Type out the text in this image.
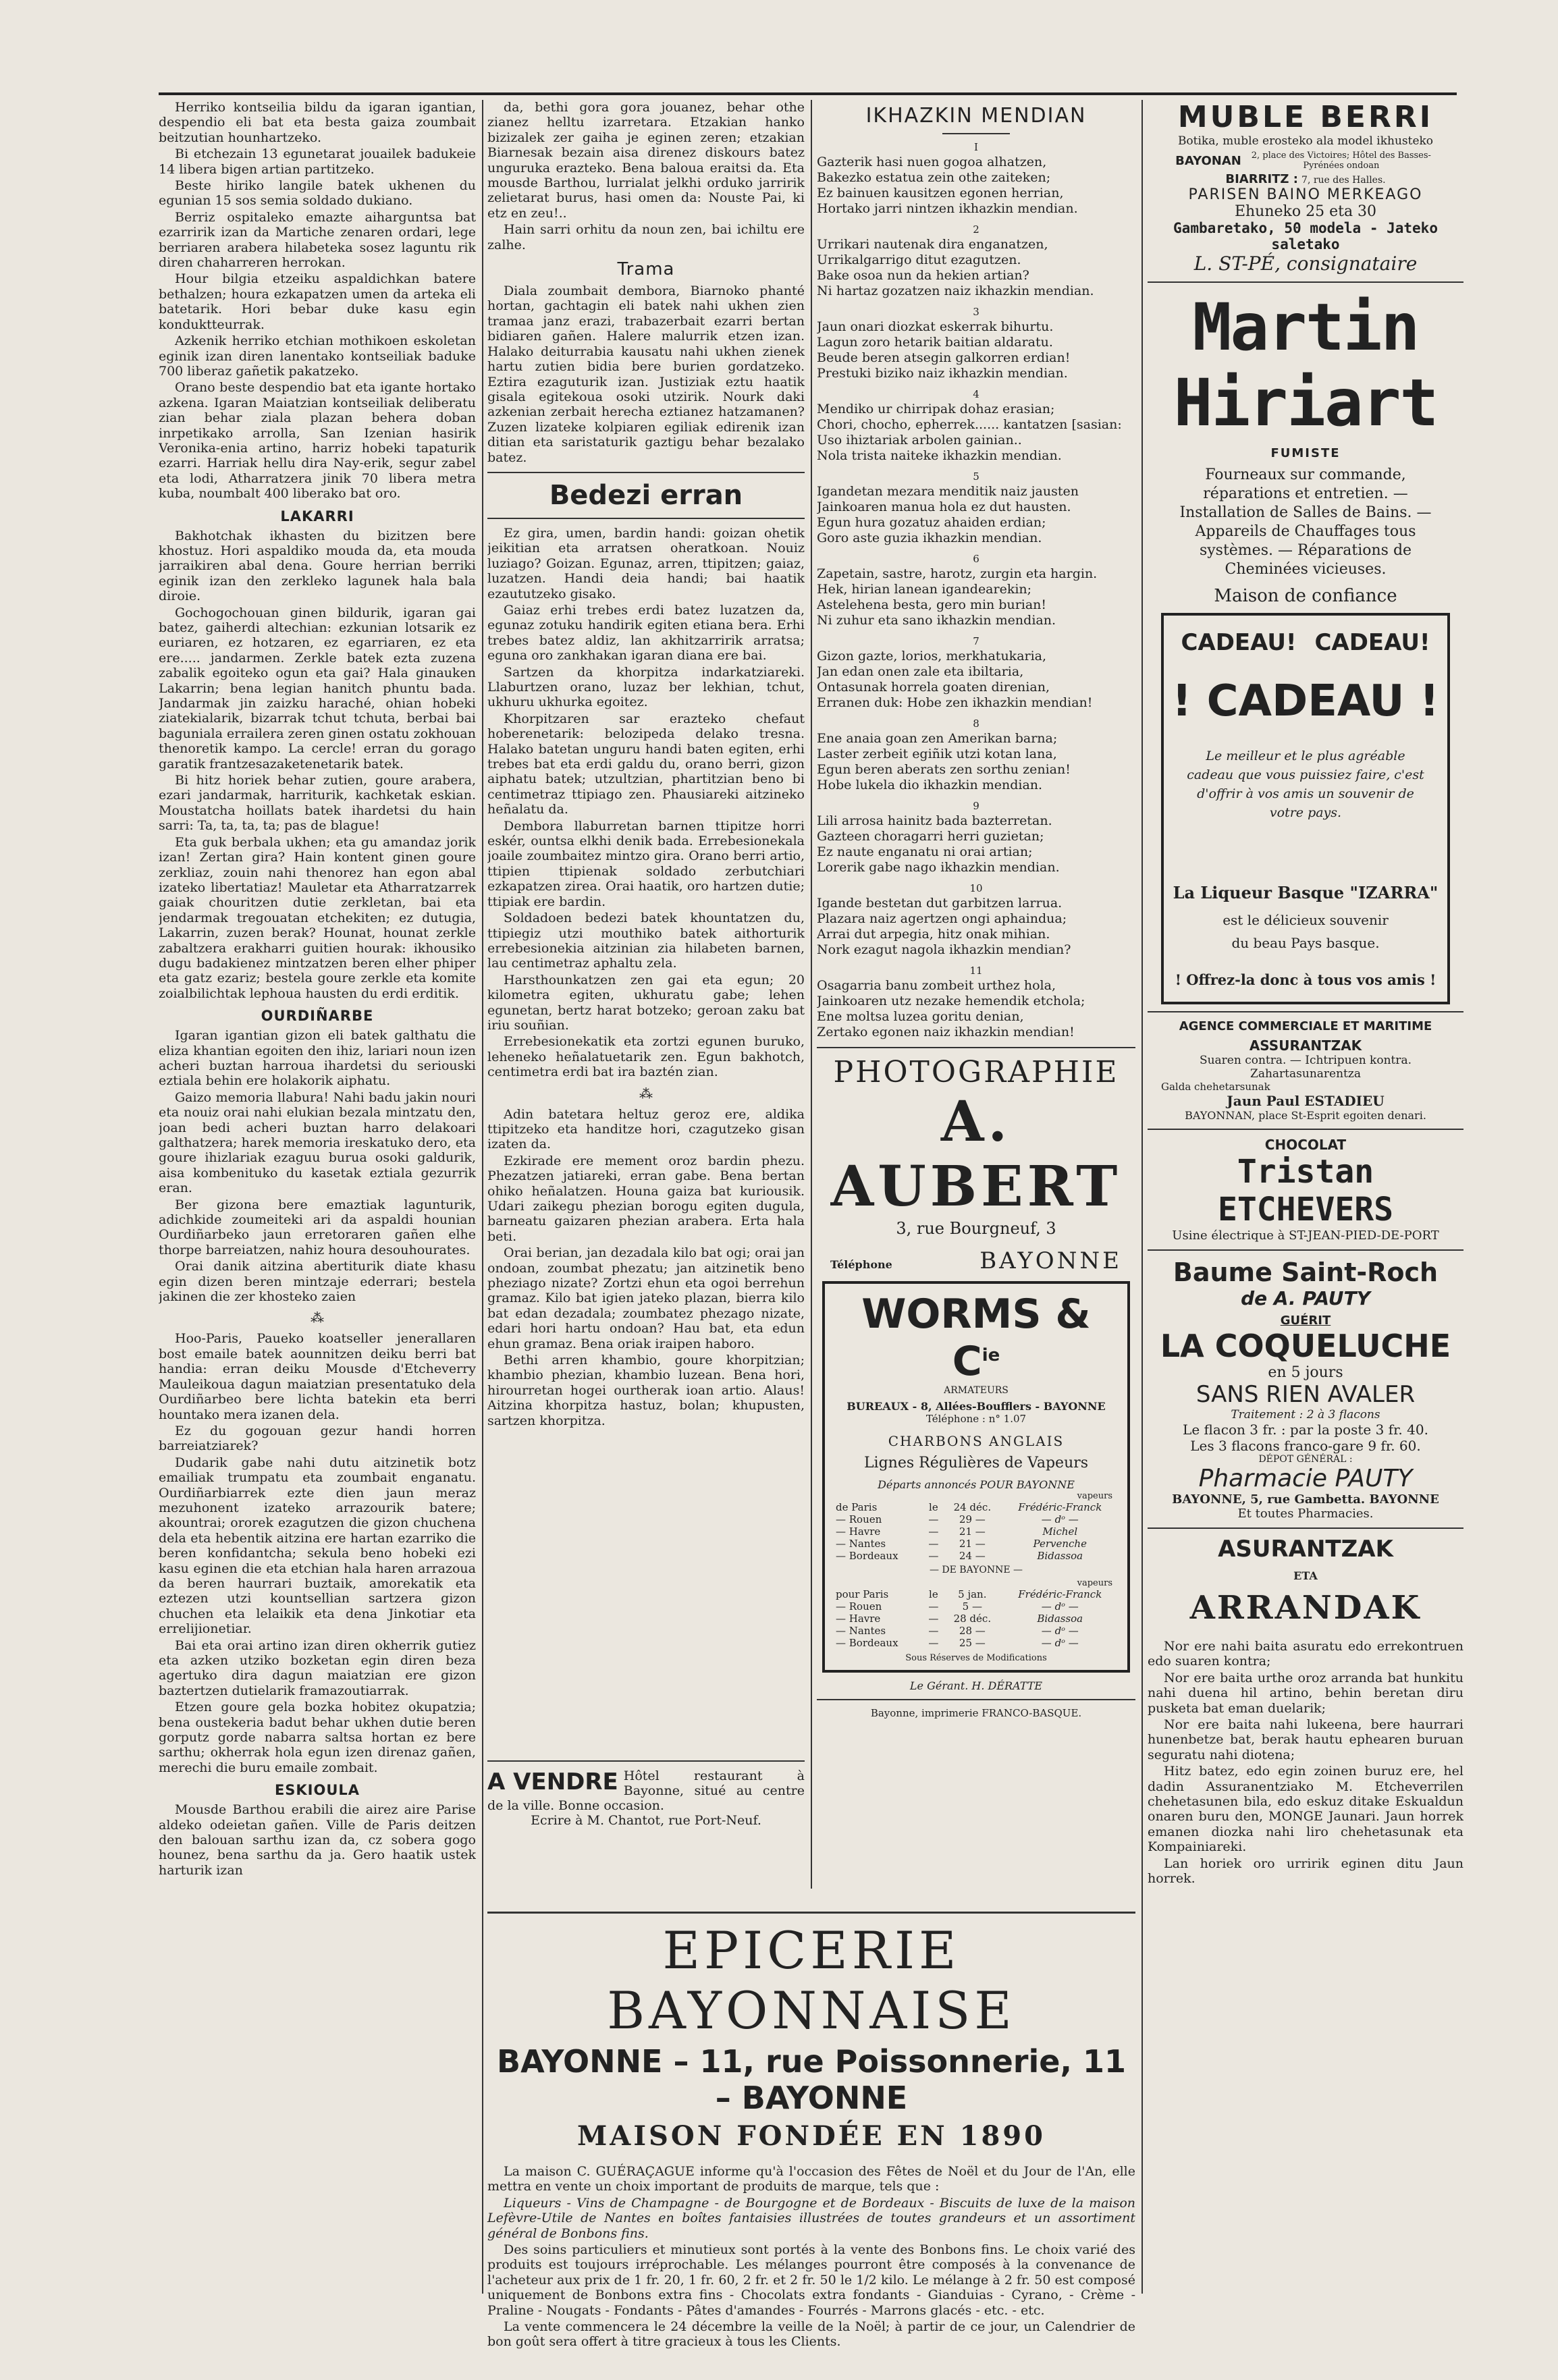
Herriko kontseilia bildu da igaran igantian, despendio eli bat eta besta gaiza zoumbait beitzutian hounhartzeko.

Bi etchezain 13 egunetarat jouailek badukeie 14 libera bigen artian partitzeko.

Beste hiriko langile batek ukhenen du egunian 15 sos semia soldado dukiano.

Berriz ospitaleko emazte aiharguntsa bat ezarririk izan da Martiche zenaren ordari, lege berriaren arabera hilabeteka sosez laguntu rik diren chaharreren herrokan.

Hour bilgia etzeiku aspaldichkan batere bethalzen; houra ezkapatzen umen da arteka eli batetarik. Hori bebar duke kasu egin konduktteurrak.

Azkenik herriko etchian mothikoen eskoletan eginik izan diren lanentako kontseiliak baduke 700 liberaz gañetik pakatzeko.

Orano beste despendio bat eta igante hortako azkena. Igaran Maiatzian kontseiliak deliberatu zian behar ziala plazan behera doban inrpetikako arrolla, San Izenian hasirik Veronika-enia artino, harriz hobeki tapaturik ezarri. Harriak hellu dira Nay-erik, segur zabel eta lodi, Atharratzera jinik 70 libera metra kuba, noumbalt 400 liberako bat oro.

LAKARRI

Bakhotchak ikhasten du bizitzen bere khostuz. Hori aspaldiko mouda da, eta mouda jarraikiren abal dena. Goure herrian berriki eginik izan den zerkleko lagunek hala bala diroie.

Gochogochouan ginen bildurik, igaran gai batez, gaiherdi altechian: ezkunian lotsarik ez euriaren, ez hotzaren, ez egarriaren, ez eta ere..... jandarmen. Zerkle batek ezta zuzena zabalik egoiteko ogun eta gai? Hala ginauken Lakarrin; bena legian hanitch phuntu bada. Jandarmak jin zaizku haraché, ohian hobeki ziatekialarik, bizarrak tchut tchuta, berbai bai baguniala errailera zeren ginen ostatu zokhouan thenoretik kampo. La cercle! erran du gorago garatik frantzesazaketenetarik batek.

Bi hitz horiek behar zutien, goure arabera, ezari jandarmak, harriturik, kachketak eskian. Moustatcha hoillats batek ihardetsi du hain sarri: Ta, ta, ta, ta; pas de blague!

Eta guk berbala ukhen; eta gu amandaz jorik izan! Zertan gira? Hain kontent ginen goure zerkliaz, zouin nahi thenorez han egon abal izateko libertatiaz! Mauletar eta Atharratzarrek gaiak chouritzen dutie zerkletan, bai eta jendarmak tregouatan etchekiten; ez dutugia, Lakarrin, zuzen berak? Hounat, hounat zerkle zabaltzera erakharri guitien hourak: ikhousiko dugu badakienez mintzatzen beren elher phiper eta gatz ezariz; bestela goure zerkle eta komite zoialbilichtak lephoua hausten du erdi erditik.

OURDIÑARBE

Igaran igantian gizon eli batek galthatu die eliza khantian egoiten den ihiz, lariari noun izen acheri buztan harroua ihardetsi du seriouski eztiala behin ere holakorik aiphatu.

Gaizo memoria llabura! Nahi badu jakin nouri eta nouiz orai nahi elukian bezala mintzatu den, joan bedi acheri buztan harro delakoari galthatzera; harek memoria ireskatuko dero, eta goure ihizlariak ezaguu burua osoki galdurik, aisa kombenituko du kasetak eztiala gezurrik eran.

Ber gizona bere emaztiak lagunturik, adichkide zoumeiteki ari da aspaldi hounian Ourdiñarbeko jaun erretoraren gañen elhe thorpe barreiatzen, nahiz houra desouhourates.

Orai danik aitzina abertiturik diate khasu egin dizen beren mintzaje ederrari; bestela jakinen die zer khosteko zaien

⁂

Hoo-Paris, Paueko koatseller jenerallaren bost emaile batek aounnitzen deiku berri bat handia: erran deiku Mousde d'Etcheverry Mauleikoua dagun maiatzian presentatuko dela Ourdiñarbeo bere lichta batekin eta berri hountako mera izanen dela.

Ez du gogouan gezur handi horren barreiatziarek?

Dudarik gabe nahi dutu aitzinetik botz emailiak trumpatu eta zoumbait enganatu. Ourdiñarbiarrek ezte dien jaun meraz mezuhonent izateko arrazourik batere; akountrai; ororek ezagutzen die gizon chuchena dela eta hebentik aitzina ere hartan ezarriko die beren konfidantcha; sekula beno hobeki ezi kasu eginen die eta etchian hala haren arrazoua da beren haurrari buztaik, amorekatik eta eztezen utzi kountsellian sartzera gizon chuchen eta lelaikik eta dena Jinkotiar eta errelijionetiar.

Bai eta orai artino izan diren okherrik gutiez eta azken utziko bozketan egin diren beza agertuko dira dagun maiatzian ere gizon baztertzen dutielarik framazoutiarrak.

Etzen goure gela bozka hobitez okupatzia; bena oustekeria badut behar ukhen dutie beren gorputz gorde nabarra saltsa hortan ez bere sarthu; okherrak hola egun izen direnaz gañen, merechi die buru emaile zombait.

ESKIOULA

Mousde Barthou erabili die airez aire Parise aldeko odeietan gañen. Ville de Paris deitzen den balouan sarthu izan da, cz sobera gogo hounez, bena sarthu da ja. Gero haatik ustek harturik izan

da, bethi gora gora jouanez, behar othe zianez helltu izarretara. Etzakian hanko bizizalek zer gaiha je eginen zeren; etzakian Biarnesak bezain aisa direnez diskours batez unguruka erazteko. Bena baloua eraitsi da. Eta mousde Barthou, lurrialat jelkhi orduko jarririk zelietarat burus, hasi omen da: Nouste Pai, ki etz en zeu!..

Hain sarri orhitu da noun zen, bai ichiltu ere zalhe.

Trama

Diala zoumbait dembora, Biarnoko phanté hortan, gachtagin eli batek nahi ukhen zien tramaa janz erazi, trabazerbait ezarri bertan bidiaren gañen. Halere malurrik etzen izan. Halako deiturrabia kausatu nahi ukhen zienek hartu zutien bidia bere burien gordatzeko. Eztira ezaguturik izan. Justiziak eztu haatik gisala egitekoua osoki utzirik. Nourk daki azkenian zerbait herecha eztianez hatzamanen? Zuzen lizateke kolpiaren egiliak edirenik izan ditian eta saristaturik gaztigu behar bezalako batez.

Bedezi erran

Ez gira, umen, bardin handi: goizan ohetik jeikitian eta arratsen oheratkoan. Nouiz luziago? Goizan. Egunaz, arren, ttipitzen; gaiaz, luzatzen. Handi deia handi; bai haatik ezaututzeko gisako.

Gaiaz erhi trebes erdi batez luzatzen da, egunaz zotuku handirik egiten etiana bera. Erhi trebes batez aldiz, lan akhitzarririk arratsa; eguna oro zankhakan igaran diana ere bai.

Sartzen da khorpitza indarkatziareki. Llaburtzen orano, luzaz ber lekhian, tchut, ukhuru ukhurka egoitez.

Khorpitzaren sar erazteko chefaut hoberenetarik: belozipeda delako tresna. Halako batetan unguru handi baten egiten, erhi trebes bat eta erdi galdu du, orano berri, gizon aiphatu batek; utzultzian, phartitzian beno bi centimetraz ttipiago zen. Phausiareki aitzineko heñalatu da.

Dembora llaburretan barnen ttipitze horri eskér, ountsa elkhi denik bada. Errebesionekala joaile zoumbaitez mintzo gira. Orano berri artio, ttipien ttipienak soldado zerbutchiari ezkapatzen zirea. Orai haatik, oro hartzen dutie; ttipiak ere bardin.

Soldadoen bedezi batek khountatzen du, ttipiegiz utzi mouthiko batek aithorturik errebesionekia aitzinian zia hilabeten barnen, lau centimetraz aphaltu zela.

Harsthounkatzen zen gai eta egun; 20 kilometra egiten, ukhuratu gabe; lehen egunetan, bertz harat botzeko; geroan zaku bat iriu souñian.

Errebesionekatik eta zortzi egunen buruko, leheneko heñalatuetarik zen. Egun bakhotch, centimetra erdi bat ira baztén zian.

⁂

Adin batetara heltuz geroz ere, aldika ttipitzeko eta handitze hori, czagutzeko gisan izaten da.

Ezkirade ere mement oroz bardin phezu. Phezatzen jatiareki, erran gabe. Bena bertan ohiko heñalatzen. Houna gaiza bat kuriousik. Udari zaikegu phezian borogu egiten dugula, barneatu gaizaren phezian arabera. Erta hala beti.

Orai berian, jan dezadala kilo bat ogi; orai jan ondoan, zoumbat phezatu; jan aitzinetik beno pheziago nizate? Zortzi ehun eta ogoi berrehun gramaz. Kilo bat igien jateko plazan, bierra kilo bat edan dezadala; zoumbatez phezago nizate, edari hori hartu ondoan? Hau bat, eta edun ehun gramaz. Bena oriak iraipen haboro.

Bethi arren khambio, goure khorpitzian; khambio phezian, khambio luzean. Bena hori, hirourretan hogei ourtherak ioan artio. Alaus! Aitzina khorpitza hastuz, bolan; khupusten, sartzen khorpitza.

A VENDRE Hôtel restaurant à Bayonne, situé au centre de la ville. Bonne occasion.
Ecrire à M. Chantot, rue Port-Neuf.
IKHAZKIN MENDIAN
I
Gazterik hasi nuen gogoa alhatzen,
Bakezko estatua zein othe zaiteken;
Ez bainuen kausitzen egonen herrian,
Hortako jarri nintzen ikhazkin mendian.
2
Urrikari nautenak dira enganatzen,
Urrikalgarrigo ditut ezagutzen.
Bake osoa nun da hekien artian?
Ni hartaz gozatzen naiz ikhazkin mendian.
3
Jaun onari diozkat eskerrak bihurtu.
Lagun zoro hetarik baitian aldaratu.
Beude beren atsegin galkorren erdian!
Prestuki biziko naiz ikhazkin mendian.
4
Mendiko ur chirripak dohaz erasian;
Chori, chocho, epherrek...... kantatzen [sasian:
Uso ihiztariak arbolen gainian..
Nola trista naiteke ikhazkin mendian.
5
Igandetan mezara menditik naiz jausten
Jainkoaren manua hola ez dut hausten.
Egun hura gozatuz ahaiden erdian;
Goro aste guzia ikhazkin mendian.
6
Zapetain, sastre, harotz, zurgin eta hargin.
Hek, hirian lanean igandearekin;
Astelehena besta, gero min burian!
Ni zuhur eta sano ikhazkin mendian.
7
Gizon gazte, lorios, merkhatukaria,
Jan edan onen zale eta ibiltaria,
Ontasunak horrela goaten direnian,
Erranen duk: Hobe zen ikhazkin mendian!
8
Ene anaia goan zen Amerikan barna;
Laster zerbeit egiñik utzi kotan lana,
Egun beren aberats zen sorthu zenian!
Hobe lukela dio ikhazkin mendian.
9
Lili arrosa hainitz bada bazterretan.
Gazteen choragarri herri guzietan;
Ez naute enganatu ni orai artian;
Lorerik gabe nago ikhazkin mendian.
10
Igande bestetan dut garbitzen larrua.
Plazara naiz agertzen ongi aphaindua;
Arrai dut arpegia, hitz onak mihian.
Nork ezagut nagola ikhazkin mendian?
11
Osagarria banu zombeit urthez hola,
Jainkoaren utz nezake hemendik etchola;
Ene moltsa luzea goritu denian,
Zertako egonen naiz ikhazkin mendian!
PHOTOGRAPHIE
A. AUBERT
3, rue Bourgneuf, 3
Téléphone	BAYONNE
WORMS & $C^{ie}$
ARMATEURS
BUREAUX - 8, Allées-Boufflers - BAYONNE
Téléphone : n° 1.07
CHARBONS ANGLAIS
Lignes Régulières de Vapeurs
Départs annoncés POUR BAYONNE
vapeurs
de Paris	le	24 déc.	Frédéric-Franck
— Rouen	—	29 —	— dᵒ —
— Havre	—	21 —	Michel
— Nantes	—	21 —	Pervenche
— Bordeaux	—	24 —	Bidassoa
— DE BAYONNE —
vapeurs
pour Paris	le	5 jan.	Frédéric-Franck
— Rouen	—	5 —	— dᵒ —
— Havre	—	28 déc.	Bidassoa
— Nantes	—	28 —	— dᵒ —
— Bordeaux	—	25 —	— dᵒ —
Sous Réserves de Modifications
Le Gérant. H. DÉRATTE
Bayonne, imprimerie FRANCO-BASQUE.
MUBLE BERRI
Botika, muble erosteko ala model ikhusteko
BAYONAN	2, place des Victoires; Hôtel des Basses-Pyrénées ondoan
BIARRITZ : 7, rue des Halles.
PARISEN BAINO MERKEAGO
Ehuneko 25 eta 30
Gambaretako, 50 modela - Jateko saletako
L. ST-PÉ, consignataire
Martin Hiriart
FUMISTE
Fourneaux sur commande, réparations et entretien. — Installation de Salles de Bains. — Appareils de Chauffages tous systèmes. — Réparations de Cheminées vicieuses.
Maison de confiance
CADEAU! CADEAU!
! CADEAU !
Le meilleur et le plus agréable cadeau que vous puissiez faire, c'est d'offrir à vos amis un souvenir de votre pays.
La Liqueur Basque "IZARRA"
est le délicieux souvenir
du beau Pays basque.
! Offrez-la donc à tous vos amis !
AGENCE COMMERCIALE ET MARITIME
ASSURANTZAK
Suaren contra. — Ichtripuen kontra.
Zahartasunarentza
Galda chehetarsunak
Jaun Paul ESTADIEU
BAYONNAN, place St-Esprit egoiten denari.
CHOCOLAT
Tristan ETCHEVERS
Usine électrique à ST-JEAN-PIED-DE-PORT
Baume Saint-Roch
de A. PAUTY
GUÉRIT
LA COQUELUCHE
en 5 jours
SANS RIEN AVALER
Traitement : 2 à 3 flacons
Le flacon 3 fr. : par la poste 3 fr. 40.
Les 3 flacons franco-gare 9 fr. 60.
DÉPOT GÉNÉRAL :
Pharmacie PAUTY
BAYONNE, 5, rue Gambetta. BAYONNE
Et toutes Pharmacies.
ASURANTZAK
ETA
ARRANDAK

Nor ere nahi baita asuratu edo errekontruen edo suaren kontra;

Nor ere baita urthe oroz arranda bat hunkitu nahi duena hil artino, behin beretan diru pusketa bat eman duelarik;

Nor ere baita nahi lukeena, bere haurrari hunenbetze bat, berak hautu ephearen buruan seguratu nahi diotena;

Hitz batez, edo egin zoinen buruz ere, hel dadin Assuranentziako M. Etcheverrilen chehetasunen bila, edo eskuz ditake Eskualdun onaren buru den, MONGE Jaunari. Jaun horrek emanen diozka nahi liro chehetasunak eta Kompainiareki.

Lan horiek oro urririk eginen ditu Jaun horrek.

EPICERIE BAYONNAISE
BAYONNE – 11, rue Poissonnerie, 11 – BAYONNE
MAISON FONDÉE EN 1890

La maison C. GUÉRAÇAGUE informe qu'à l'occasion des Fêtes de Noël et du Jour de l'An, elle mettra en vente un choix important de produits de marque, tels que :

Liqueurs - Vins de Champagne - de Bourgogne et de Bordeaux - Biscuits de luxe de la maison Lefèvre-Utile de Nantes en boîtes fantaisies illustrées de toutes grandeurs et un assortiment général de Bonbons fins.

Des soins particuliers et minutieux sont portés à la vente des Bonbons fins. Le choix varié des produits est toujours irréprochable. Les mélanges pourront être composés à la convenance de l'acheteur aux prix de 1 fr. 20, 1 fr. 60, 2 fr. et 2 fr. 50 le 1/2 kilo. Le mélange à 2 fr. 50 est composé uniquement de Bonbons extra fins - Chocolats extra fondants - Gianduias - Cyrano, - Crème - Praline - Nougats - Fondants - Pâtes d'amandes - Fourrés - Marrons glacés - etc. - etc.

La vente commencera le 24 décembre la veille de la Noël; à partir de ce jour, un Calendrier de bon goût sera offert à titre gracieux à tous les Clients.
